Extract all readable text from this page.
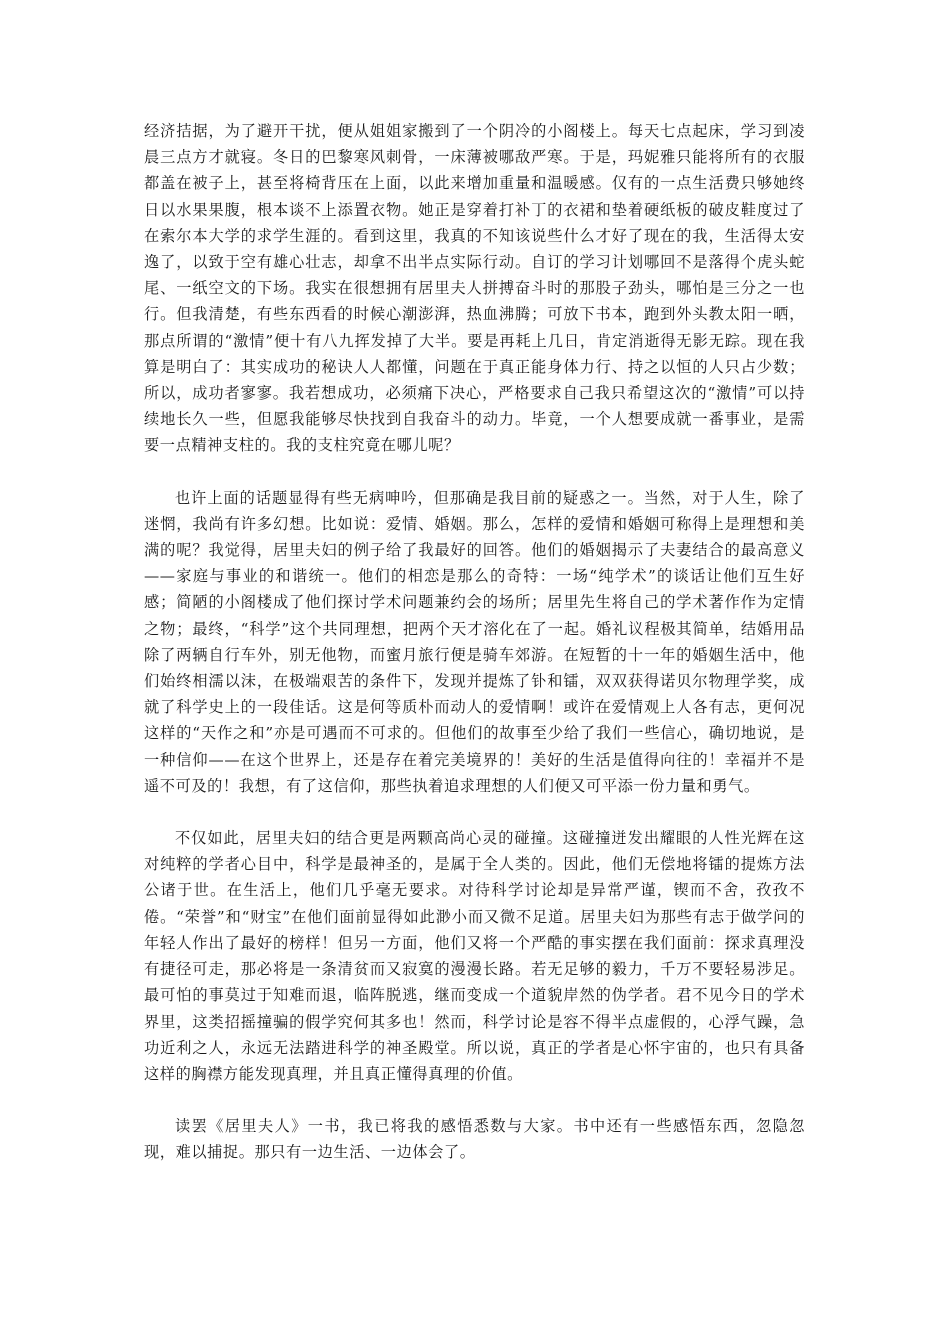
经济拮据，为了避开干扰，便从姐姐家搬到了一个阴冷的小阁楼上。每天七点起床，学习到凌晨三点方才就寝。冬日的巴黎寒风刺骨，一床薄被哪敌严寒。于是，玛妮雅只能将所有的衣服都盖在被子上，甚至将椅背压在上面，以此来增加重量和温暖感。仅有的一点生活费只够她终日以水果果腹，根本谈不上添置衣物。她正是穿着打补丁的衣裙和垫着硬纸板的破皮鞋度过了在索尔本大学的求学生涯的。看到这里，我真的不知该说些什么才好了现在的我，生活得太安逸了，以致于空有雄心壮志，却拿不出半点实际行动。自订的学习计划哪回不是落得个虎头蛇尾、一纸空文的下场。我实在很想拥有居里夫人拼搏奋斗时的那股子劲头，哪怕是三分之一也行。但我清楚，有些东西看的时候心潮澎湃，热血沸腾；可放下书本，跑到外头教太阳一晒，那点所谓的“激情”便十有八九挥发掉了大半。要是再耗上几日，肯定消逝得无影无踪。现在我算是明白了：其实成功的秘诀人人都懂，问题在于真正能身体力行、持之以恒的人只占少数；所以，成功者寥寥。我若想成功，必须痛下决心，严格要求自己我只希望这次的“激情”可以持续地长久一些，但愿我能够尽快找到自我奋斗的动力。毕竟，一个人想要成就一番事业，是需要一点精神支柱的。我的支柱究竟在哪儿呢？

也许上面的话题显得有些无病呻吟，但那确是我目前的疑惑之一。当然，对于人生，除了迷惘，我尚有许多幻想。比如说：爱情、婚姻。那么，怎样的爱情和婚姻可称得上是理想和美满的呢？我觉得，居里夫妇的例子给了我最好的回答。他们的婚姻揭示了夫妻结合的最高意义——家庭与事业的和谐统一。他们的相恋是那么的奇特：一场“纯学术”的谈话让他们互生好感；简陋的小阁楼成了他们探讨学术问题兼约会的场所；居里先生将自己的学术著作作为定情之物；最终，“科学”这个共同理想，把两个天才溶化在了一起。婚礼议程极其简单，结婚用品除了两辆自行车外，别无他物，而蜜月旅行便是骑车郊游。在短暂的十一年的婚姻生活中，他们始终相濡以沫，在极端艰苦的条件下，发现并提炼了钋和镭，双双获得诺贝尔物理学奖，成就了科学史上的一段佳话。这是何等质朴而动人的爱情啊！或许在爱情观上人各有志，更何况这样的“天作之和”亦是可遇而不可求的。但他们的故事至少给了我们一些信心，确切地说，是一种信仰——在这个世界上，还是存在着完美境界的！美好的生活是值得向往的！幸福并不是遥不可及的！我想，有了这信仰，那些执着追求理想的人们便又可平添一份力量和勇气。

不仅如此，居里夫妇的结合更是两颗高尚心灵的碰撞。这碰撞迸发出耀眼的人性光辉在这对纯粹的学者心目中，科学是最神圣的，是属于全人类的。因此，他们无偿地将镭的提炼方法公诸于世。在生活上，他们几乎毫无要求。对待科学讨论却是异常严谨，锲而不舍，孜孜不倦。“荣誉”和“财宝”在他们面前显得如此渺小而又微不足道。居里夫妇为那些有志于做学问的年轻人作出了最好的榜样！但另一方面，他们又将一个严酷的事实摆在我们面前：探求真理没有捷径可走，那必将是一条清贫而又寂寞的漫漫长路。若无足够的毅力，千万不要轻易涉足。最可怕的事莫过于知难而退，临阵脱逃，继而变成一个道貌岸然的伪学者。君不见今日的学术界里，这类招摇撞骗的假学究何其多也！然而，科学讨论是容不得半点虚假的，心浮气躁，急功近利之人，永远无法踏进科学的神圣殿堂。所以说，真正的学者是心怀宇宙的，也只有具备这样的胸襟方能发现真理，并且真正懂得真理的价值。

读罢《居里夫人》一书，我已将我的感悟悉数与大家。书中还有一些感悟东西，忽隐忽现，难以捕捉。那只有一边生活、一边体会了。
